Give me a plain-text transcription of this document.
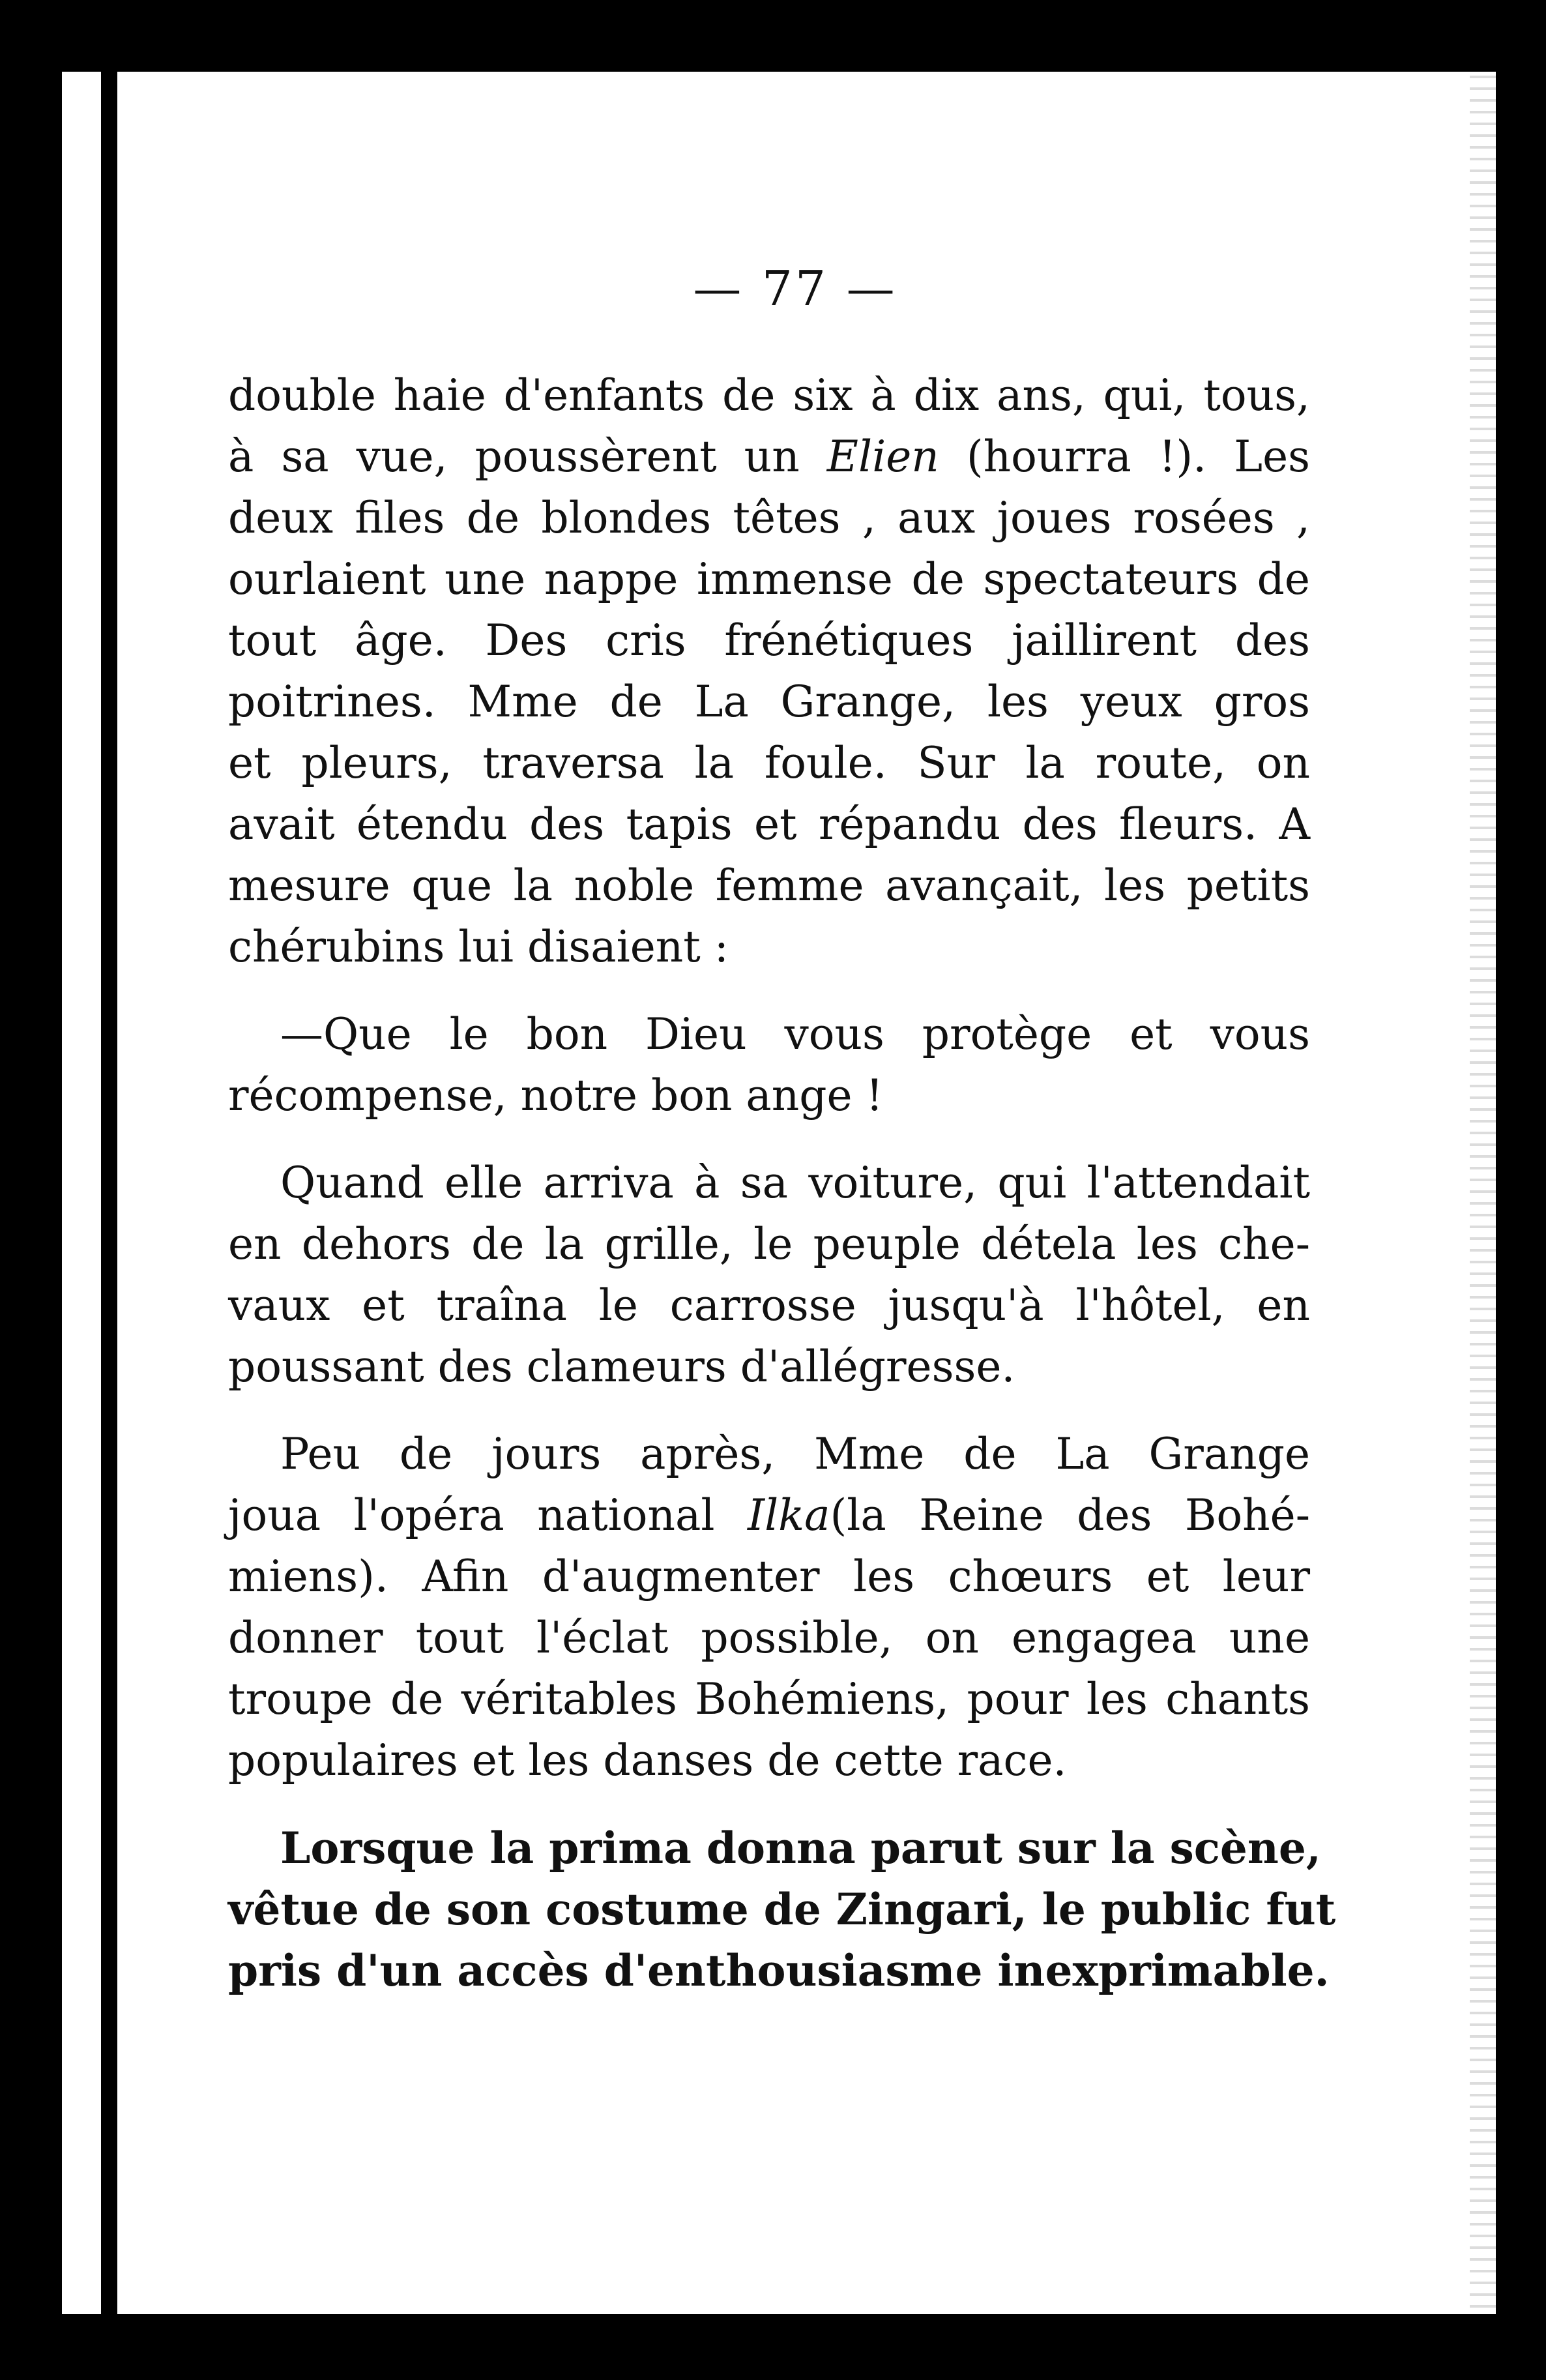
— 77 —

double haie d'enfants de six à dix ans, qui, tous,
à sa vue, poussèrent un Elien (hourra !). Les
deux files de blondes têtes , aux joues rosées ,
ourlaient une nappe immense de spectateurs de
tout âge. Des cris frénétiques jaillirent des
poitrines. Mme de La Grange, les yeux gros
et pleurs, traversa la foule. Sur la route, on
avait étendu des tapis et répandu des fleurs. A
mesure que la noble femme avançait, les petits
chérubins lui disaient :

—Que le bon Dieu vous protège et vous
récompense, notre bon ange !

Quand elle arriva à sa voiture, qui l'attendait
en dehors de la grille, le peuple dételа les che-
vaux et traîna le carrosse jusqu'à l'hôtel, en
poussant des clameurs d'allégresse.

Peu de jours après, Mme de La Grange
joua l'opéra national Ilka(la Reine des Bohé-
miens). Afin d'augmenter les chœurs et leur
donner tout l'éclat possible, on engagea une
troupe de véritables Bohémiens, pour les chants
populaires et les danses de cette race.

Lorsque la prima donna parut sur la scène,
vêtue de son costume de Zingari, le public fut
pris d'un accès d'enthousiasme inexprimable.
